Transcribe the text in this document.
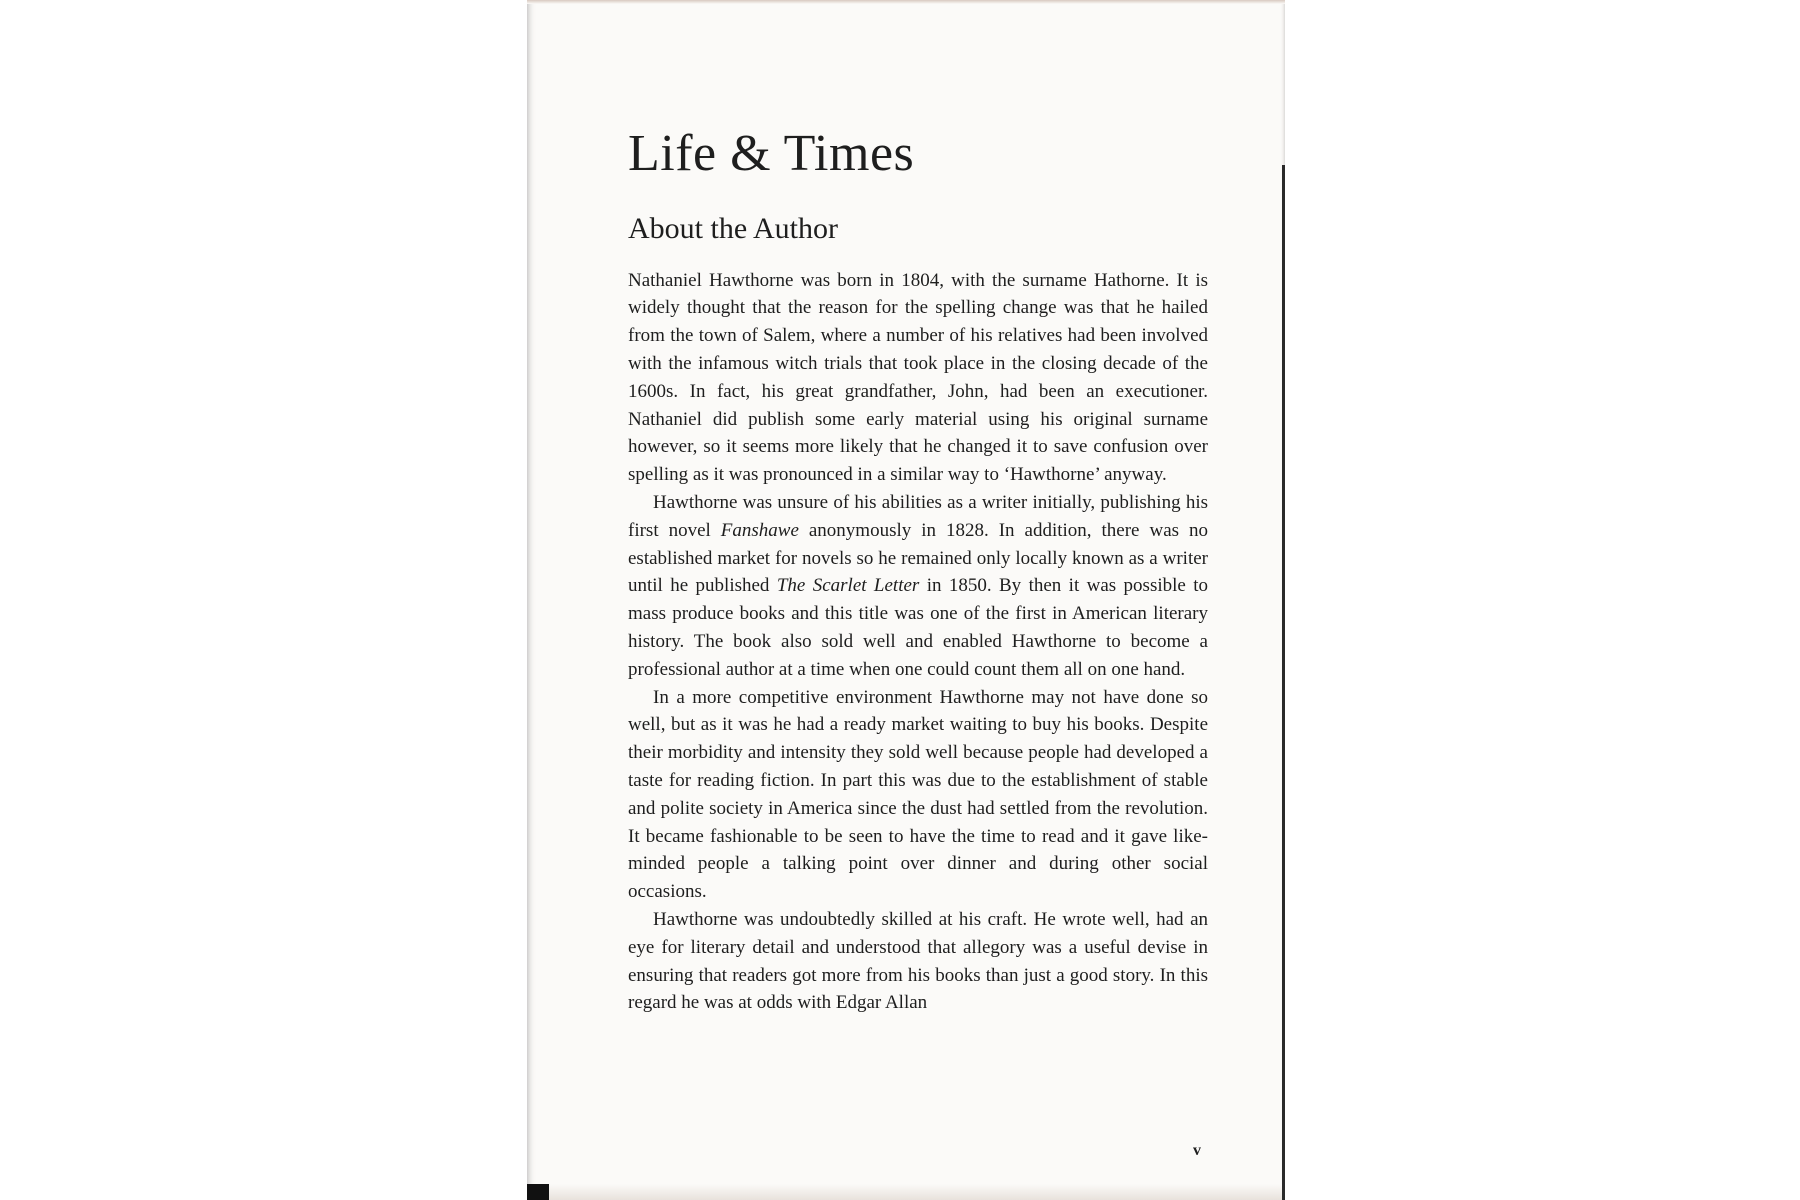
Life & Times
About the Author

Nathaniel Hawthorne was born in 1804, with the surname Hathorne. It is widely thought that the reason for the spelling change was that he hailed from the town of Salem, where a number of his relatives had been involved with the infamous witch trials that took place in the closing decade of the 1600s. In fact, his great grandfather, John, had been an executioner. Nathaniel did publish some early material using his original surname however, so it seems more likely that he changed it to save confusion over spelling as it was pronounced in a similar way to ‘Hawthorne’ anyway.

Hawthorne was unsure of his abilities as a writer initially, publishing his first novel Fanshawe anonymously in 1828. In addition, there was no established market for novels so he remained only locally known as a writer until he published The Scarlet Letter in 1850. By then it was possible to mass produce books and this title was one of the first in American literary history. The book also sold well and enabled Hawthorne to become a professional author at a time when one could count them all on one hand.

In a more competitive environment Hawthorne may not have done so well, but as it was he had a ready market waiting to buy his books. Despite their morbidity and intensity they sold well because people had developed a taste for reading fiction. In part this was due to the establishment of stable and polite society in America since the dust had settled from the revolution. It became fashionable to be seen to have the time to read and it gave likeminded people a talking point over dinner and during other social occasions.

Hawthorne was undoubtedly skilled at his craft. He wrote well, had an eye for literary detail and understood that allegory was a useful devise in ensuring that readers got more from his books than just a good story. In this regard he was at odds with Edgar Allan

v
